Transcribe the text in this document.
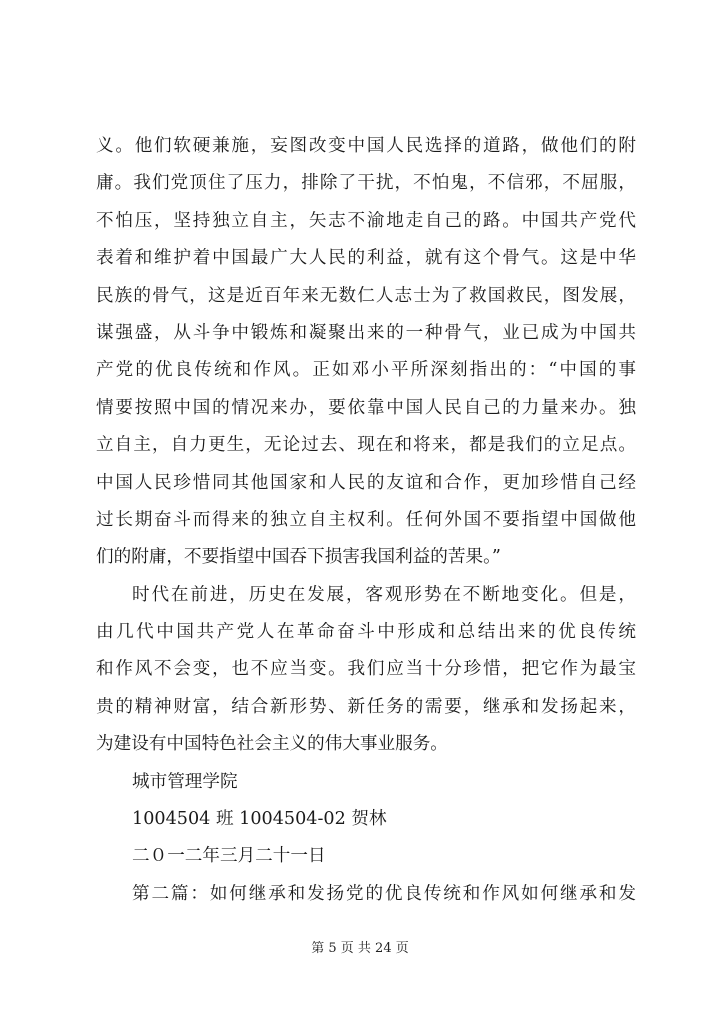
义。他们软硬兼施，妄图改变中国人民选择的道路，做他们的附
庸。我们党顶住了压力，排除了干扰，不怕鬼，不信邪，不屈服，
不怕压，坚持独立自主，矢志不渝地走自己的路。中国共产党代
表着和维护着中国最广大人民的利益，就有这个骨气。这是中华
民族的骨气，这是近百年来无数仁人志士为了救国救民，图发展，
谋强盛，从斗争中锻炼和凝聚出来的一种骨气，业已成为中国共
产党的优良传统和作风。正如邓小平所深刻指出的：“中国的事
情要按照中国的情况来办，要依靠中国人民自己的力量来办。独
立自主，自力更生，无论过去、现在和将来，都是我们的立足点。
中国人民珍惜同其他国家和人民的友谊和合作，更加珍惜自己经
过长期奋斗而得来的独立自主权利。任何外国不要指望中国做他
们的附庸，不要指望中国吞下损害我国利益的苦果。”
时代在前进，历史在发展，客观形势在不断地变化。但是，
由几代中国共产党人在革命奋斗中形成和总结出来的优良传统
和作风不会变，也不应当变。我们应当十分珍惜，把它作为最宝
贵的精神财富，结合新形势、新任务的需要，继承和发扬起来，
为建设有中国特色社会主义的伟大事业服务。
城市管理学院
1004504 班 1004504-02 贺林
二０一二年三月二十一日
第二篇：如何继承和发扬党的优良传统和作风如何继承和发
第 5 页 共 24 页
